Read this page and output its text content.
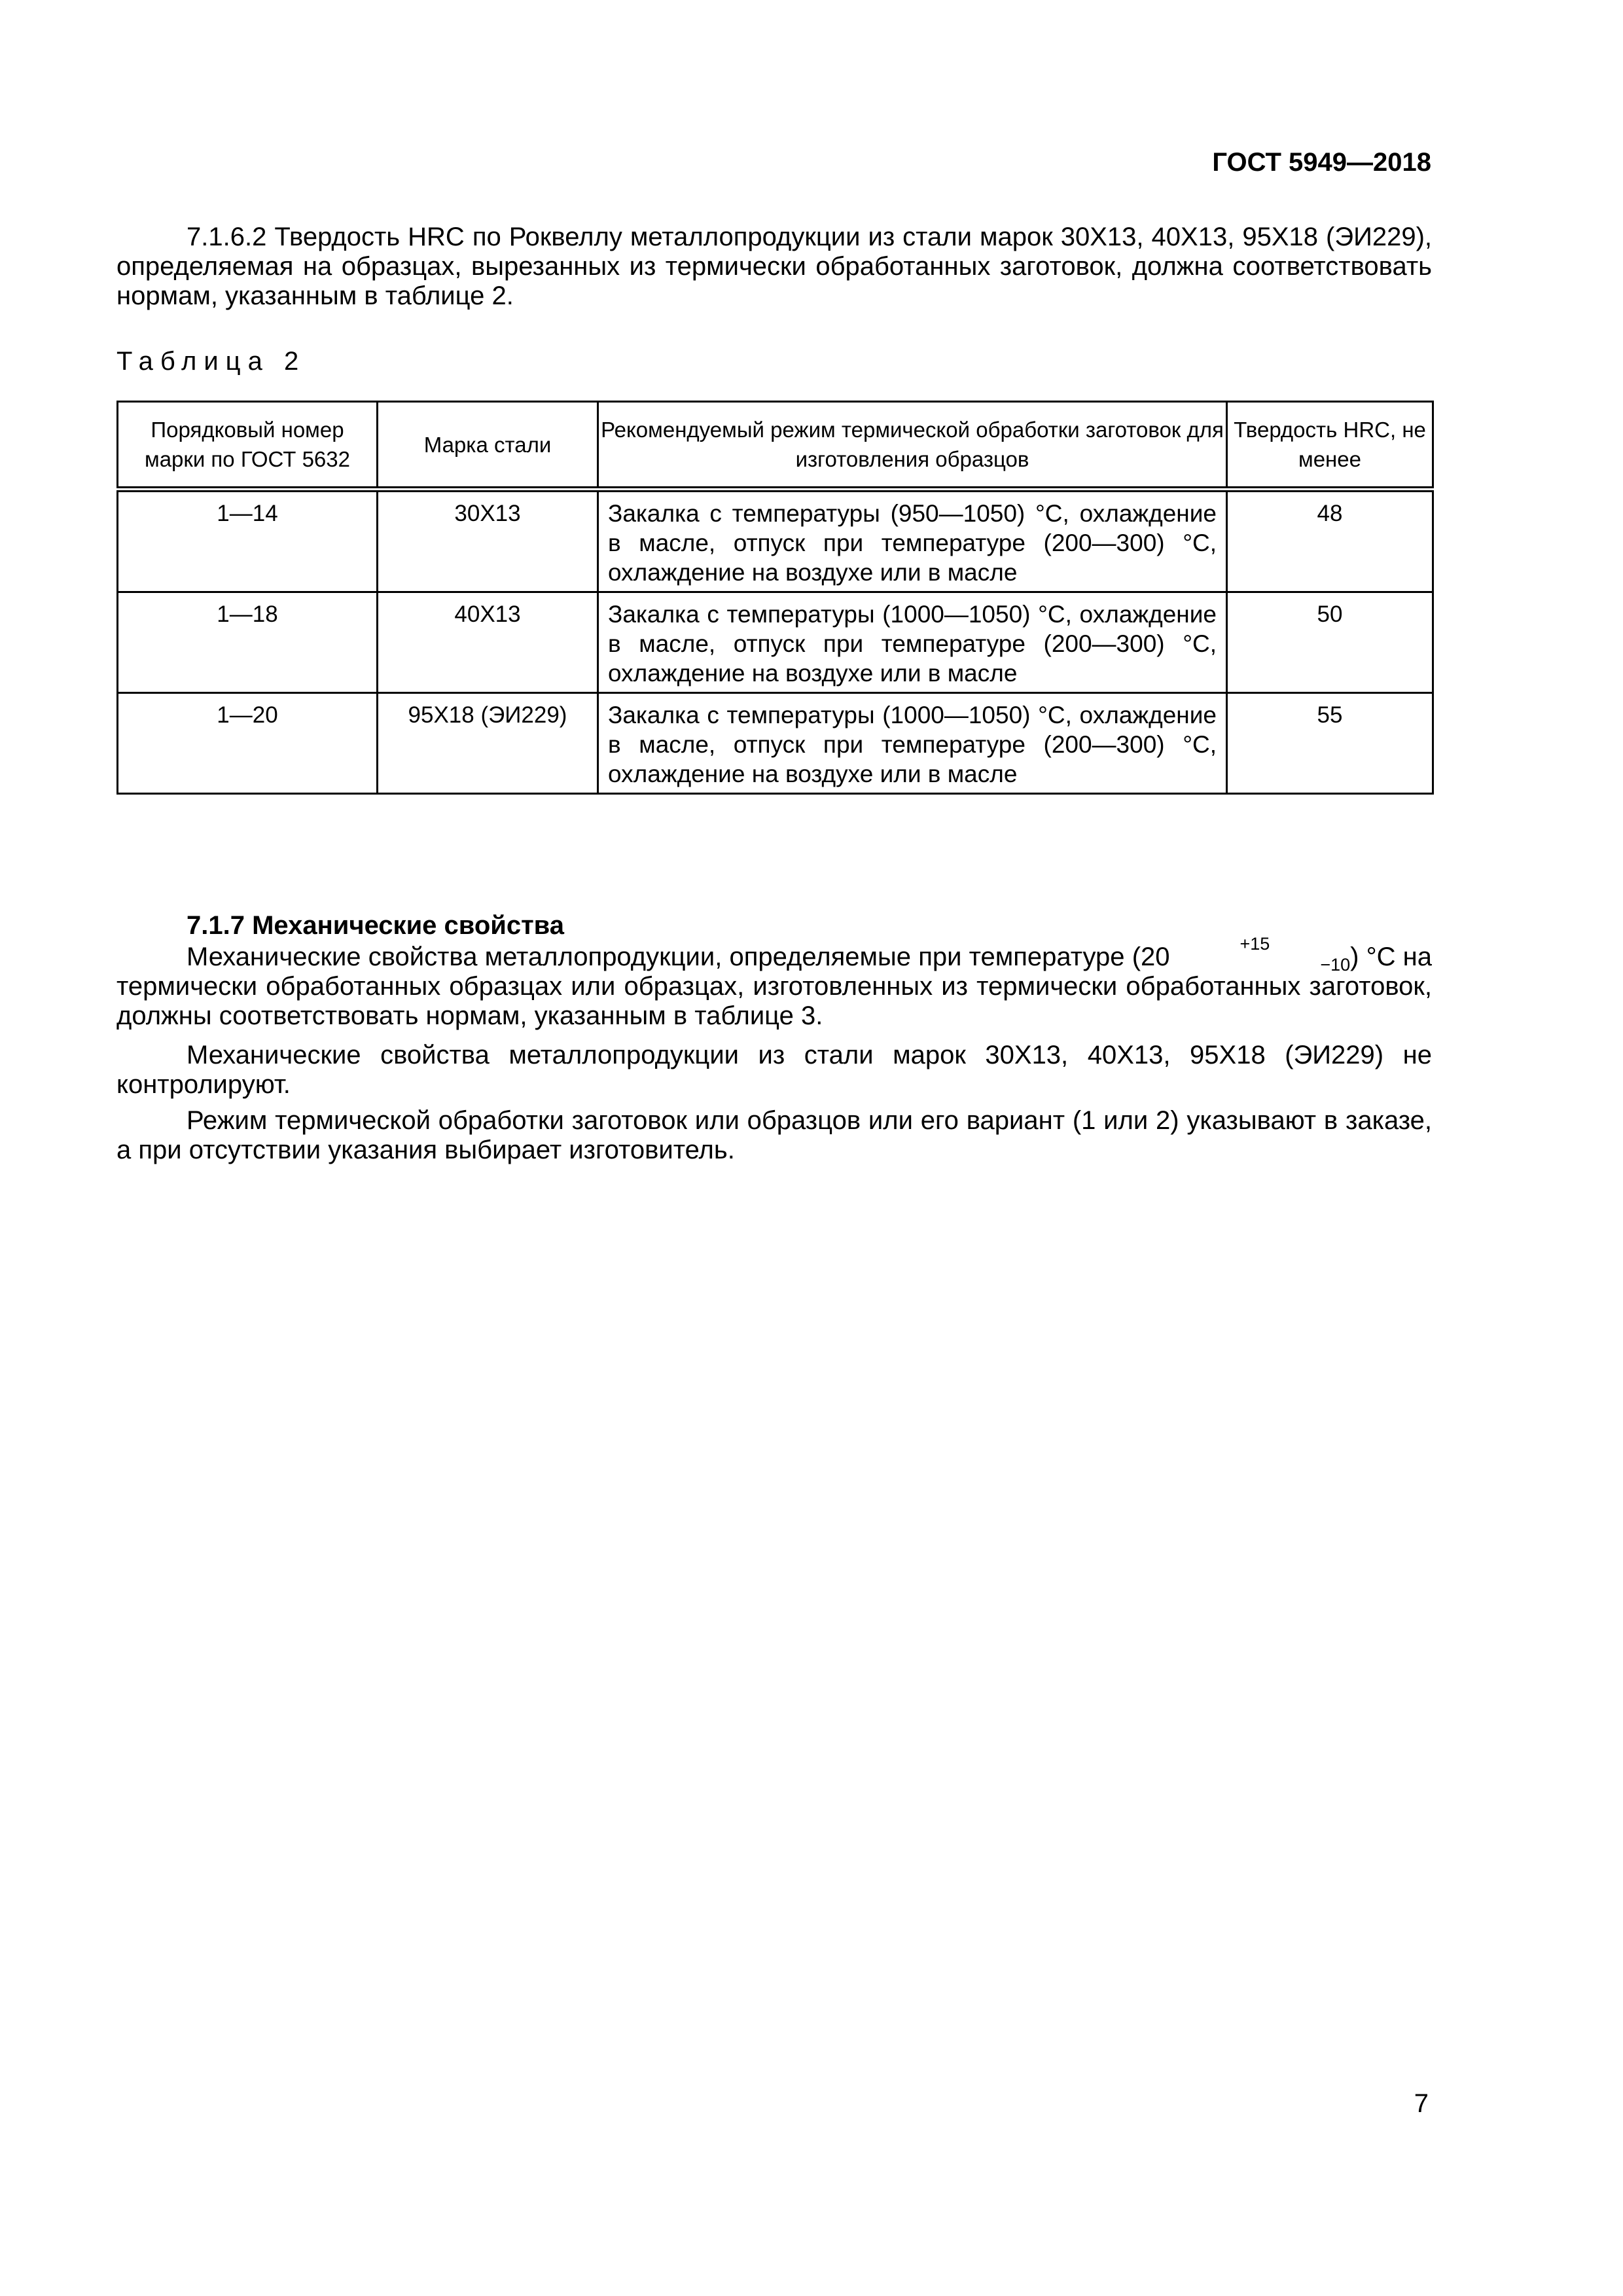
ГОСТ 5949—2018

7.1.6.2 Твердость HRC по Роквеллу металлопродукции из стали марок 30Х13, 40Х13, 95Х18 (ЭИ229), определяемая на образцах, вырезанных из термически обработанных заготовок, должна соответствовать нормам, указанным в таблице 2.

Таблица 2
Порядковый номер марки по ГОСТ 5632	Марка стали	Рекомендуемый режим термической обработки заготовок для изготовления образцов	Твердость HRC, не менее
1—14	30Х13	Закалка с температуры (950—1050) °С, охлаждение в масле, отпуск при температуре (200—300) °С, охлаждение на воздухе или в масле	48
1—18	40Х13	Закалка с температуры (1000—1050) °С, охлаждение в масле, отпуск при температуре (200—300) °С, охлаждение на воздухе или в масле	50
1—20	95Х18 (ЭИ229)	Закалка с температуры (1000—1050) °С, охлаждение в масле, отпуск при температуре (200—300) °С, охлаждение на воздухе или в масле	55
7.1.7 Механические свойства

Механические свойства металлопродукции, определяемые при температуре (20	$^{+15}_{-10}$) °С на термически обработанных образцах или образцах, изготовленных из термически обработанных заготовок, должны соответствовать нормам, указанным в таблице 3.

Механические свойства металлопродукции из стали марок 30Х13, 40Х13, 95Х18 (ЭИ229) не контролируют.

Режим термической обработки заготовок или образцов или его вариант (1 или 2) указывают в заказе, а при отсутствии указания выбирает изготовитель.

7
